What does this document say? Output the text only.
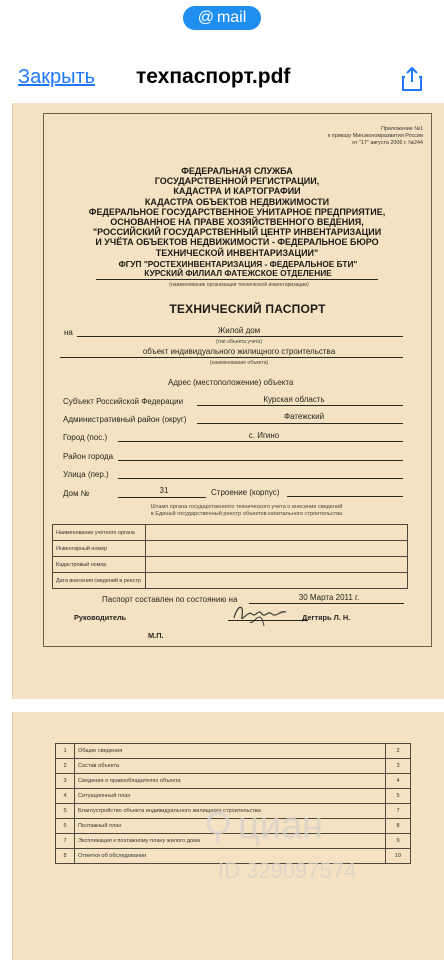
@ mail
Закрыть техпаспорт.pdf
Приложение №1
к приказу Минэкономразвития России
от "17" августа 2006 г. №244
ФЕДЕРАЛЬНАЯ СЛУЖБА
ГОСУДАРСТВЕННОЙ РЕГИСТРАЦИИ,
КАДАСТРА И КАРТОГРАФИИ
КАДАСТРА ОБЪЕКТОВ НЕДВИЖИМОСТИ
ФЕДЕРАЛЬНОЕ ГОСУДАРСТВЕННОЕ УНИТАРНОЕ ПРЕДПРИЯТИЕ,
ОСНОВАННОЕ НА ПРАВЕ ХОЗЯЙСТВЕННОГО ВЕДЕНИЯ,
"РОССИЙСКИЙ ГОСУДАРСТВЕННЫЙ ЦЕНТР ИНВЕНТАРИЗАЦИИ
И УЧЁТА ОБЪЕКТОВ НЕДВИЖИМОСТИ - ФЕДЕРАЛЬНОЕ БЮРО
ТЕХНИЧЕСКОЙ ИНВЕНТАРИЗАЦИИ"
ФГУП "РОСТЕХИНВЕНТАРИЗАЦИЯ - ФЕДЕРАЛЬНОЕ БТИ"
КУРСКИЙ ФИЛИАЛ ФАТЕЖСКОЕ ОТДЕЛЕНИЕ
(наименование организации технической инвентаризации)
ТЕХНИЧЕСКИЙ ПАСПОРТ
на	Жилой дом
(тип объекта учета)
объект индивидуального жилищного строительства
(наименование объекта)
Адрес (местоположение) объекта
Субъект Российской Федерации	Курская область
Административный район (округ)	Фатежский
Город (пос.)	с. Игино
Район города
Улица (пер.)
Дом №	31	Строение (корпус)
Штамп органа государственного технического учета о внесении сведений
в Единый государственный реестр объектов капитального строительства
Наименование учетного органа	
Инвентарный номер	
Кадастровый номер	
Дата внесения сведений в реестр	
Паспорт составлен по состоянию на	30 Марта 2011 г.
Руководитель	Дегтярь Л. Н.
М.П.
1	Общие сведения	2
2	Состав объекта	3
3	Сведения о правообладателях объекта	4
4	Ситуационный план	5
5	Благоустройство объекта индивидуального жилищного строительства	7
6	Поэтажный план	8
7	Экспликация к поэтажному плану жилого дома	9
8	Отметки об обследовании	10
циан
ID 329097574
